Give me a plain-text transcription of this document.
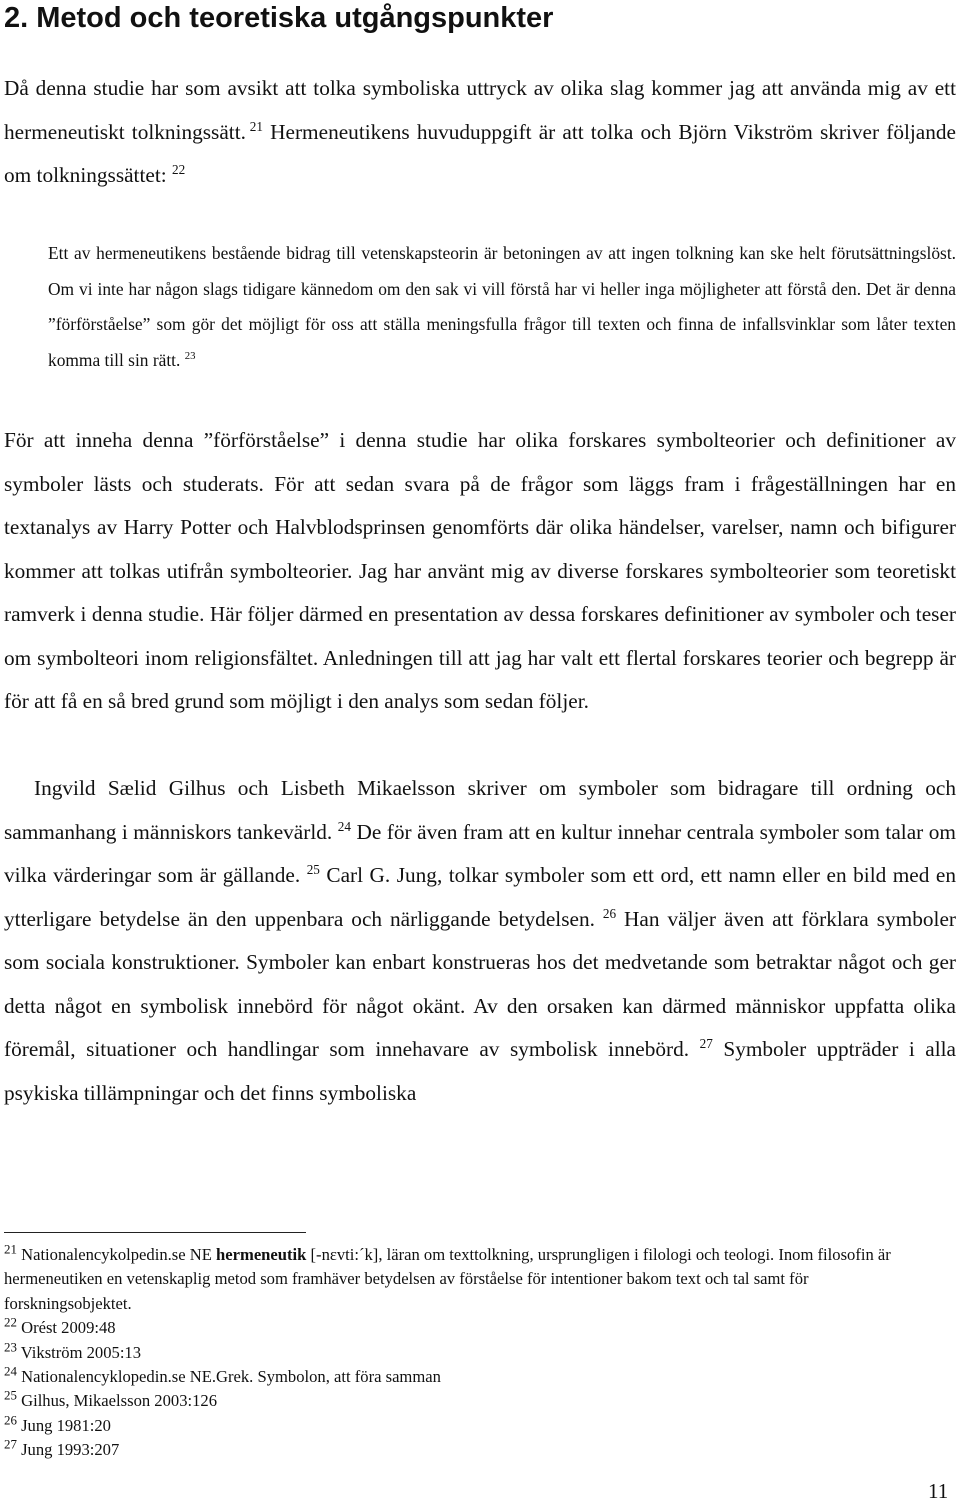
2. Metod och teoretiska utgångspunkter

Då denna studie har som avsikt att tolka symboliska uttryck av olika slag kommer jag att använda mig av ett hermeneutiskt tolkningssätt. $^{21}$ Hermeneutikens huvuduppgift är att tolka och Björn Vikström skriver följande om tolkningssättet: $^{22}$

Ett av hermeneutikens bestående bidrag till vetenskapsteorin är betoningen av att ingen tolkning kan ske helt förutsättningslöst. Om vi inte har någon slags tidigare kännedom om den sak vi vill förstå har vi heller inga möjligheter att förstå den. Det är denna ”förförståelse” som gör det möjligt för oss att ställa meningsfulla frågor till texten och finna de infallsvinklar som låter texten komma till sin rätt. $^{23}$

För att inneha denna ”förförståelse” i denna studie har olika forskares symbolteorier och definitioner av symboler lästs och studerats. För att sedan svara på de frågor som läggs fram i frågeställningen har en textanalys av Harry Potter och Halvblodsprinsen genomförts där olika händelser, varelser, namn och bifigurer kommer att tolkas utifrån symbolteorier. Jag har använt mig av diverse forskares symbolteorier som teoretiskt ramverk i denna studie. Här följer därmed en presentation av dessa forskares definitioner av symboler och teser om symbolteori inom religionsfältet. Anledningen till att jag har valt ett flertal forskares teorier och begrepp är för att få en så bred grund som möjligt i den analys som sedan följer.

Ingvild Sælid Gilhus och Lisbeth Mikaelsson skriver om symboler som bidragare till ordning och sammanhang i människors tankevärld. $^{24}$ De för även fram att en kultur innehar centrala symboler som talar om vilka värderingar som är gällande. $^{25}$ Carl G. Jung, tolkar symboler som ett ord, ett namn eller en bild med en ytterligare betydelse än den uppenbara och närliggande betydelsen. $^{26}$ Han väljer även att förklara symboler som sociala konstruktioner. Symboler kan enbart konstrueras hos det medvetande som betraktar något och ger detta något en symbolisk innebörd för något okänt. Av den orsaken kan därmed människor uppfatta olika föremål, situationer och handlingar som innehavare av symbolisk innebörd. $^{27}$ Symboler uppträder i alla psykiska tillämpningar och det finns symboliska

$^{21}$ Nationalencykolpedin.se NE hermeneutik [-nεvti:´k], läran om texttolkning, ursprungligen i filologi och teologi. Inom filosofin är hermeneutiken en vetenskaplig metod som framhäver betydelsen av förståelse för intentioner bakom text och tal samt för forskningsobjektet.

$^{22}$ Orést 2009:48

$^{23}$ Vikström 2005:13

$^{24}$ Nationalencyklopedin.se NE.Grek. Symbolon, att föra samman

$^{25}$ Gilhus, Mikaelsson 2003:126

$^{26}$ Jung 1981:20

$^{27}$ Jung 1993:207

11
